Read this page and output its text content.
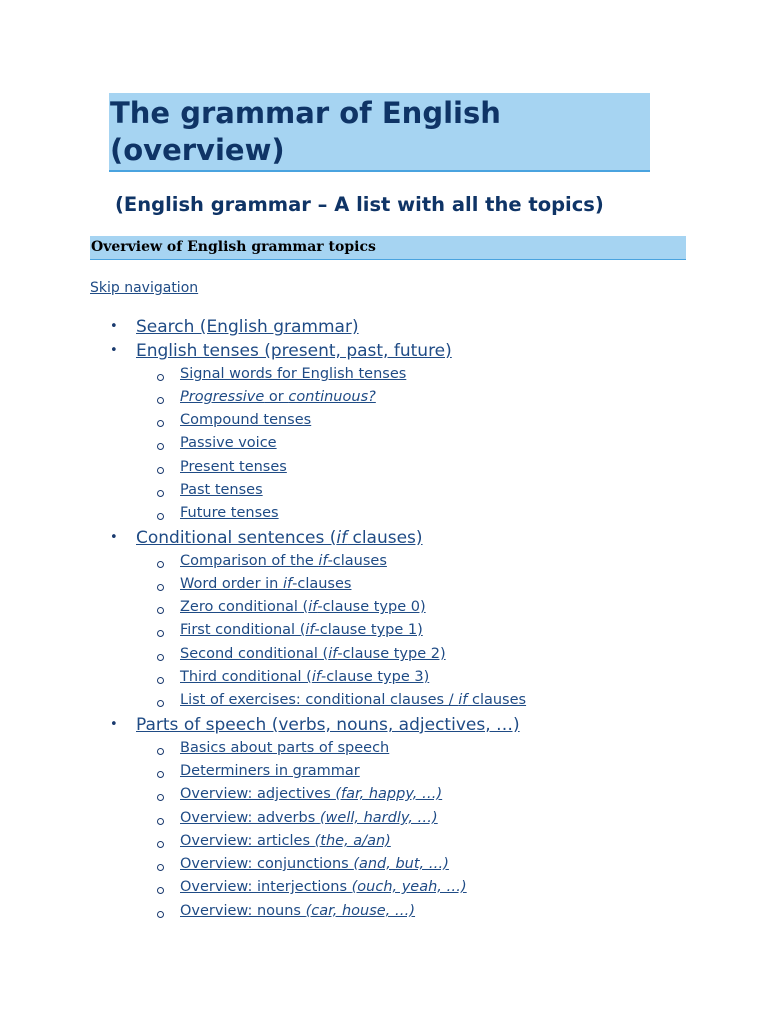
The grammar of English
(overview)

(English grammar – A list with all the topics)

Overview of English grammar topics
Skip navigation
• Search (English grammar)
• English tenses (present, past, future)
Signal words for English tenses
Progressive or continuous?
Compound tenses
Passive voice
Present tenses
Past tenses
Future tenses
• Conditional sentences (if clauses)
Comparison of the if-clauses
Word order in if-clauses
Zero conditional (if-clause type 0)
First conditional (if-clause type 1)
Second conditional (if-clause type 2)
Third conditional (if-clause type 3)
List of exercises: conditional clauses / if clauses
• Parts of speech (verbs, nouns, adjectives, …)
Basics about parts of speech
Determiners in grammar
Overview: adjectives (far, happy, …)
Overview: adverbs (well, hardly, …)
Overview: articles (the, a/an)
Overview: conjunctions (and, but, …)
Overview: interjections (ouch, yeah, …)
Overview: nouns (car, house, …)
